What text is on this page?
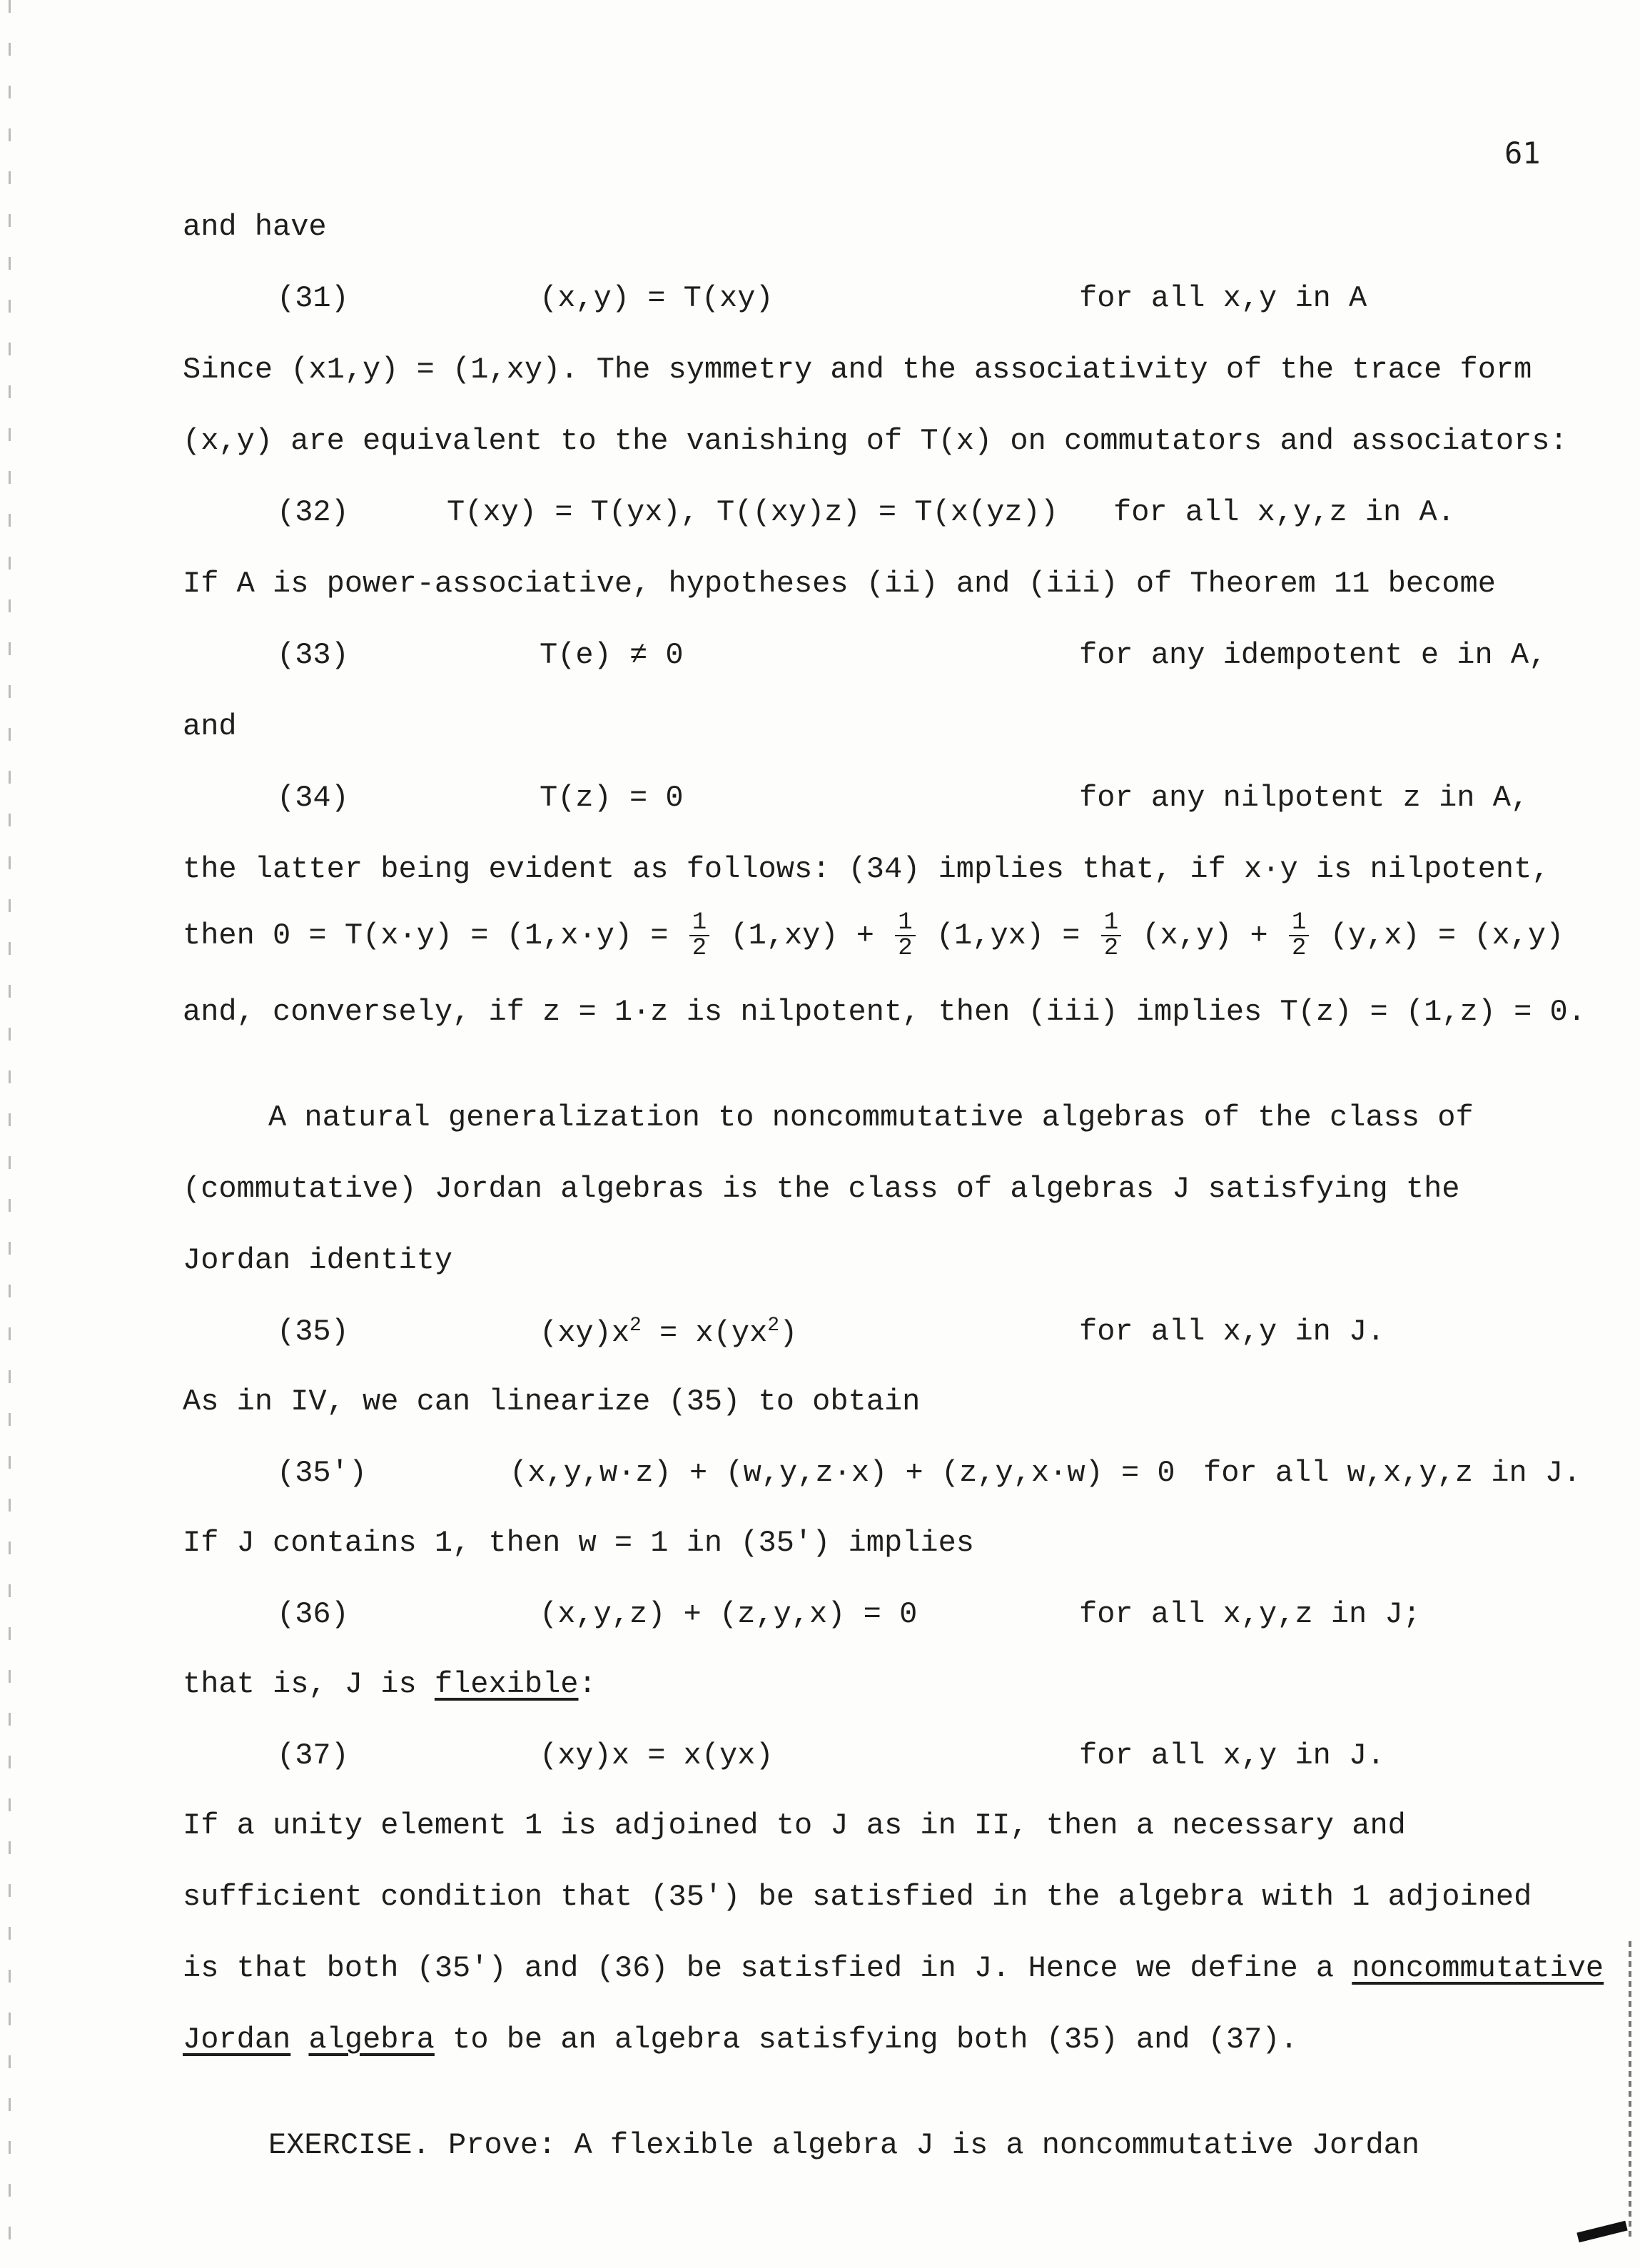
61
and have
(31)	(x,y) = T(xy)	for all x,y in A
Since (x1,y) = (1,xy). The symmetry and the associativity of the trace form
(x,y) are equivalent to the vanishing of T(x) on commutators and associators:
(32)	T(xy) = T(yx), T((xy)z) = T(x(yz)) for all x,y,z in A.
If A is power-associative, hypotheses (ii) and (iii) of Theorem 11 become
(33)	T(e) ≠ 0	for any idempotent e in A,
and
(34)	T(z) = 0	for any nilpotent z in A,
the latter being evident as follows: (34) implies that, if x·y is nilpotent,
then $0 = T(x\cdot y) = (1,x\cdot y) = \frac{1}{2} (1,xy) + \frac{1}{2} (1,yx) = \frac{1}{2} (x,y) + \frac{1}{2} (y,x) = (x,y)$
and, conversely, if z = 1·z is nilpotent, then (iii) implies T(z) = (1,z) = 0.
A natural generalization to noncommutative algebras of the class of
(commutative) Jordan algebras is the class of algebras J satisfying the
Jordan identity
(35)	$(xy)x^2 = x(yx^2)$	for all x,y in J.
As in IV, we can linearize (35) to obtain
(35')	(x,y,w·z) + (w,y,z·x) + (z,y,x·w) = 0 for all w,x,y,z in J.
If J contains 1, then w = 1 in (35') implies
(36)	(x,y,z) + (z,y,x) = 0	for all x,y,z in J;
that is, J is flexible:
(37)	(xy)x = x(yx)	for all x,y in J.
If a unity element 1 is adjoined to J as in II, then a necessary and
sufficient condition that (35') be satisfied in the algebra with 1 adjoined
is that both (35') and (36) be satisfied in J. Hence we define a noncommutative
Jordan algebra to be an algebra satisfying both (35) and (37).
EXERCISE. Prove: A flexible algebra J is a noncommutative Jordan
